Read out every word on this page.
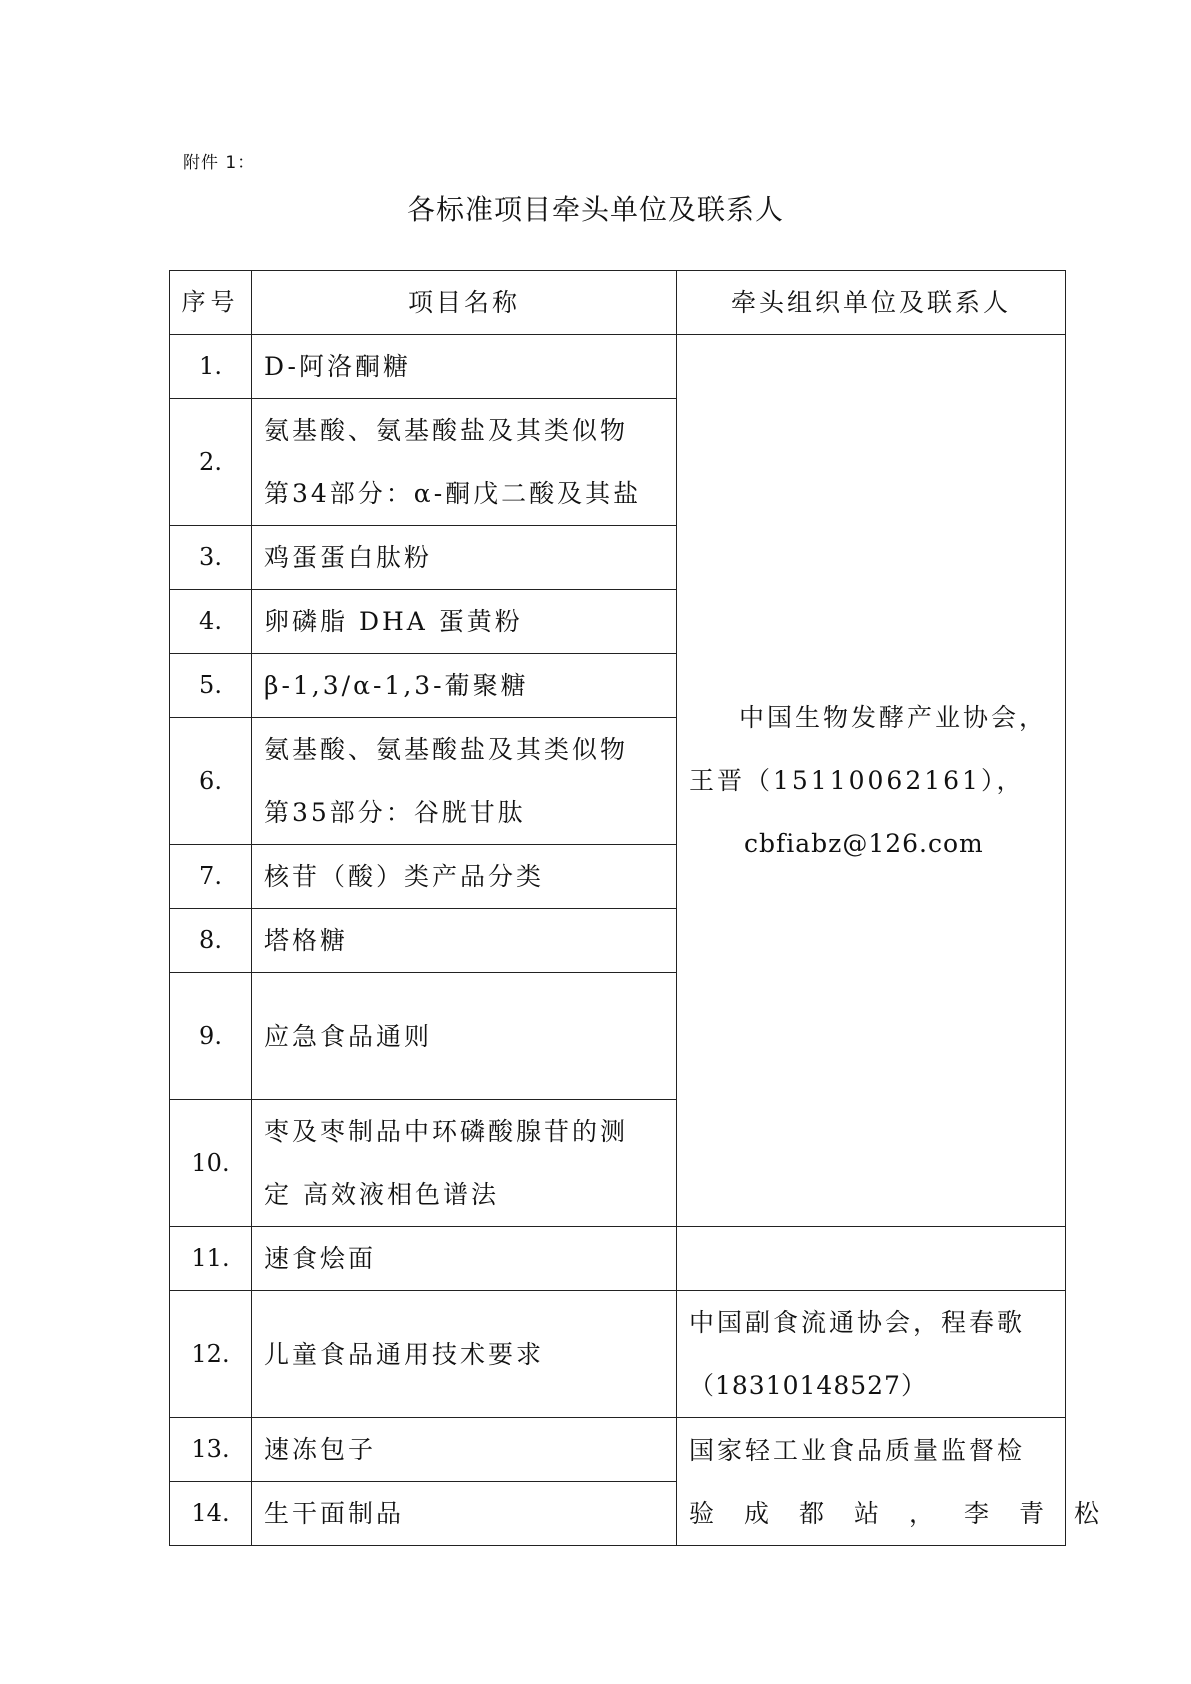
附件 1：
各标准项目牵头单位及联系人
序号	项目名称	牵头组织单位及联系人	
1.	D-阿洛酮糖	中国生物发酵产业协会，
王晋（15110062161），
cbfiabz@126.com	

2.	氨基酸、氨基酸盐及其类似物
第34部分：α-酮戊二酸及其盐		

3.	鸡蛋蛋白肽粉		

4.	卵磷脂 DHA 蛋黄粉		

5.	β-1,3/α-1,3-葡聚糖		

6.	氨基酸、氨基酸盐及其类似物
第35部分：谷胱甘肽		

7.	核苷（酸）类产品分类		

8.	塔格糖		

9.	应急食品通则

10.	枣及枣制品中环磷酸腺苷的测
定 高效液相色谱法

11.	速食烩面		

12.	儿童食品通用技术要求	中国副食流通协会，程春歌
（18310148527）	

13.	速冻包子	国家轻工业食品质量监督检
验成都站，李青松	

14.	生干面制品		
